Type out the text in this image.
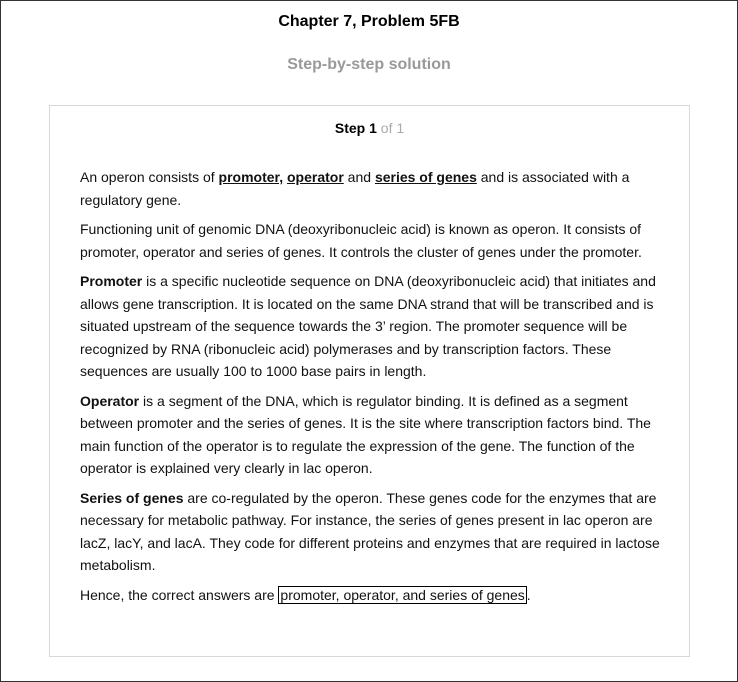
Chapter 7, Problem 5FB
Step-by-step solution
Step 1 of 1

An operon consists of promoter, operator and series of genes and is associated with a regulatory gene.

Functioning unit of genomic DNA (deoxyribonucleic acid) is known as operon. It consists of promoter, operator and series of genes. It controls the cluster of genes under the promoter.

Promoter is a specific nucleotide sequence on DNA (deoxyribonucleic acid) that initiates and allows gene transcription. It is located on the same DNA strand that will be transcribed and is situated upstream of the sequence towards the 3’ region. The promoter sequence will be recognized by RNA (ribonucleic acid) polymerases and by transcription factors. These sequences are usually 100 to 1000 base pairs in length.

Operator is a segment of the DNA, which is regulator binding. It is defined as a segment between promoter and the series of genes. It is the site where transcription factors bind. The main function of the operator is to regulate the expression of the gene. The function of the operator is explained very clearly in lac operon.

Series of genes are co-regulated by the operon. These genes code for the enzymes that are necessary for metabolic pathway. For instance, the series of genes present in lac operon are lacZ, lacY, and lacA. They code for different proteins and enzymes that are required in lactose metabolism.

Hence, the correct answers are promoter, operator, and series of genes .
